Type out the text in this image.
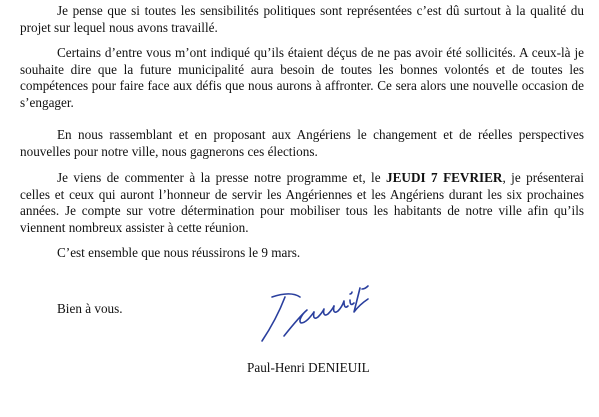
Je pense que si toutes les sensibilités politiques sont représentées c’est dû surtout à la qualité du projet sur lequel nous avons travaillé.

Certains d’entre vous m’ont indiqué qu’ils étaient déçus de ne pas avoir été sollicités. A ceux-là je souhaite dire que la future municipalité aura besoin de toutes les bonnes volontés et de toutes les compétences pour faire face aux défis que nous aurons à affronter. Ce sera alors une nouvelle occasion de s’engager.

En nous rassemblant et en proposant aux Angériens le changement et de réelles perspectives nouvelles pour notre ville, nous gagnerons ces élections.

Je viens de commenter à la presse notre programme et, le JEUDI 7 FEVRIER, je présenterai celles et ceux qui auront l’honneur de servir les Angériennes et les Angériens durant les six prochaines années. Je compte sur votre détermination pour mobiliser tous les habitants de notre ville afin qu’ils viennent nombreux assister à cette réunion.

C’est ensemble que nous réussirons le 9 mars.

Bien à vous.

Paul-Henri DENIEUIL
